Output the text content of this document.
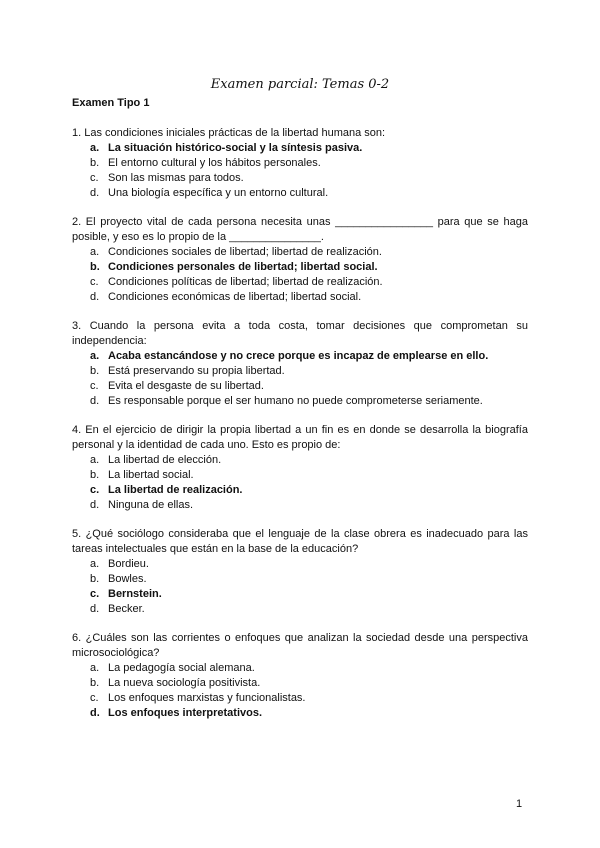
Examen parcial: Temas 0-2
Examen Tipo 1

1. Las condiciones iniciales prácticas de la libertad humana son:

a. La situación histórico-social y la síntesis pasiva.
b. El entorno cultural y los hábitos personales.
c. Son las mismas para todos.
d. Una biología específica y un entorno cultural.

2. El proyecto vital de cada persona necesita unas ________________ para que se haga posible, y eso es lo propio de la _______________.

a. Condiciones sociales de libertad; libertad de realización.
b. Condiciones personales de libertad; libertad social.
c. Condiciones políticas de libertad; libertad de realización.
d. Condiciones económicas de libertad; libertad social.

3. Cuando la persona evita a toda costa, tomar decisiones que comprometan su independencia:

a. Acaba estancándose y no crece porque es incapaz de emplearse en ello.
b. Está preservando su propia libertad.
c. Evita el desgaste de su libertad.
d. Es responsable porque el ser humano no puede comprometerse seriamente.

4. En el ejercicio de dirigir la propia libertad a un fin es en donde se desarrolla la biografía personal y la identidad de cada uno. Esto es propio de:

a. La libertad de elección.
b. La libertad social.
c. La libertad de realización.
d. Ninguna de ellas.

5. ¿Qué sociólogo consideraba que el lenguaje de la clase obrera es inadecuado para las tareas intelectuales que están en la base de la educación?

a. Bordieu.
b. Bowles.
c. Bernstein.
d. Becker.

6. ¿Cuáles son las corrientes o enfoques que analizan la sociedad desde una perspectiva microsociológica?

a. La pedagogía social alemana.
b. La nueva sociología positivista.
c. Los enfoques marxistas y funcionalistas.
d. Los enfoques interpretativos.

1
